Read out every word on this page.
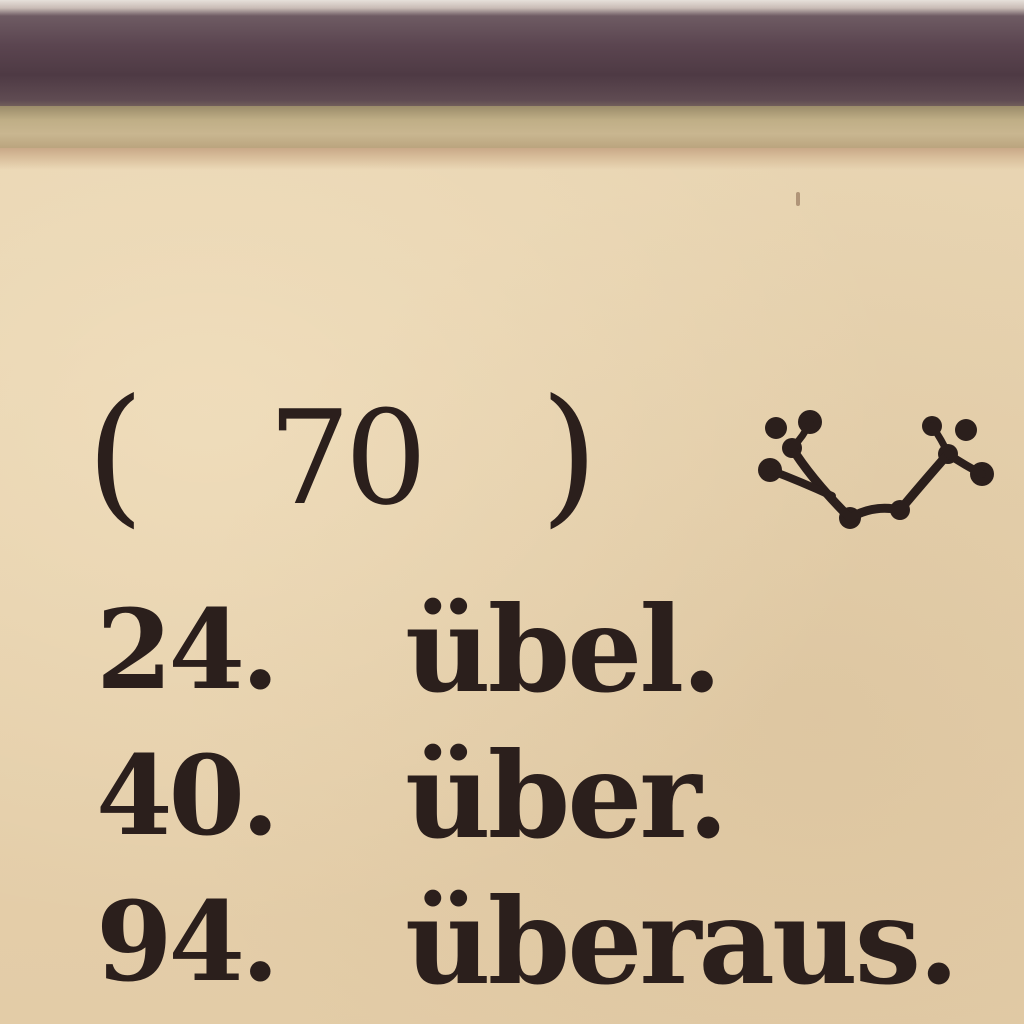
( 70 )
24. übel.
40. über.
94. überaus.
